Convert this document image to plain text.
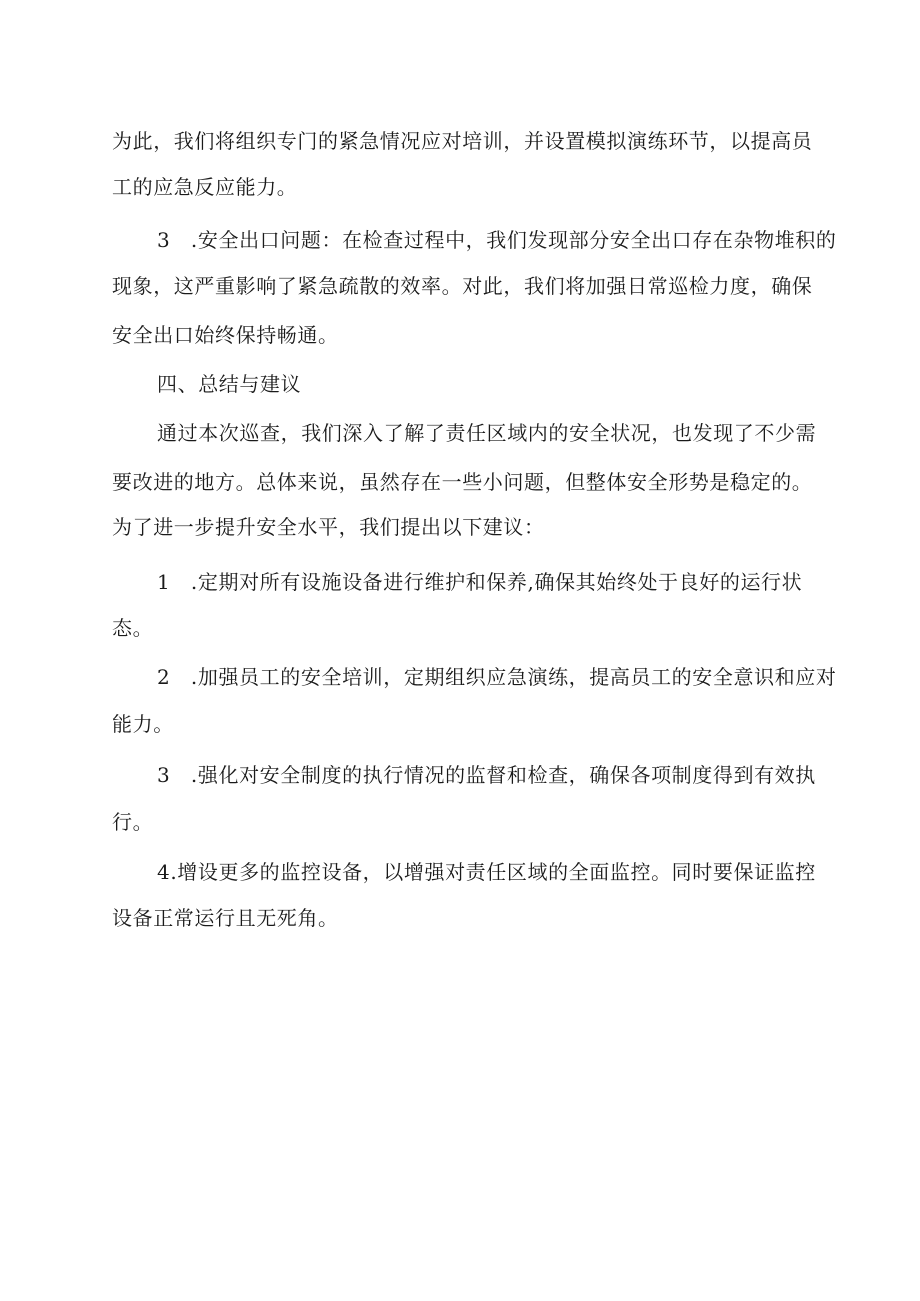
为此，我们将组织专门的紧急情况应对培训，并设置模拟演练环节，以提高员

工的应急反应能力。

3　.安全出口问题：在检查过程中，我们发现部分安全出口存在杂物堆积的

现象，这严重影响了紧急疏散的效率。对此，我们将加强日常巡检力度，确保

安全出口始终保持畅通。

四、总结与建议

通过本次巡查，我们深入了解了责任区域内的安全状况，也发现了不少需

要改进的地方。总体来说，虽然存在一些小问题，但整体安全形势是稳定的。

为了进一步提升安全水平，我们提出以下建议：

1　.定期对所有设施设备进行维护和保养,确保其始终处于良好的运行状

态。

2　.加强员工的安全培训，定期组织应急演练，提高员工的安全意识和应对

能力。

3　.强化对安全制度的执行情况的监督和检查，确保各项制度得到有效执

行。

4.增设更多的监控设备，以增强对责任区域的全面监控。同时要保证监控

设备正常运行且无死角。
